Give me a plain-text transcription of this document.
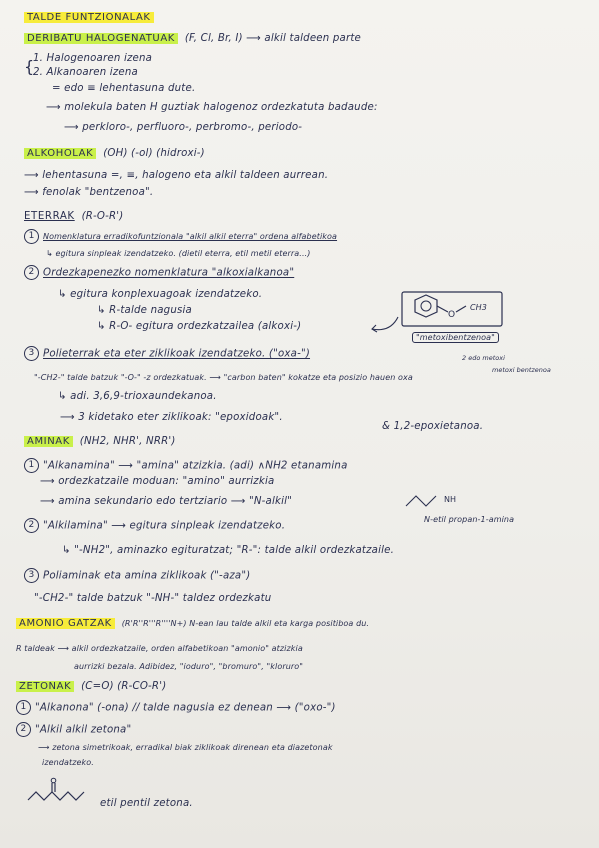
TALDE FUNTZIONALAK
DERIBATU HALOGENATUAK (F, Cl, Br, I) ⟶ alkil taldeen parte
{
1. Halogenoaren izena
2. Alkanoaren izena
= edo ≡ lehentasuna dute.
⟶ molekula baten H guztiak halogenoz ordezkatuta badaude:
⟶ perkloro-, perfluoro-, perbromo-, periodo-
ALKOHOLAK (OH) (-ol) (hidroxi-)
⟶ lehentasuna =, ≡, halogeno eta alkil taldeen aurrean.
⟶ fenolak "bentzenoa".
ETERRAK (R-O-R')
1 Nomenklatura erradikofuntzionala "alkil alkil eterra" ordena alfabetikoa
↳ egitura sinpleak izendatzeko. (dietil eterra, etil metil eterra...)
2 Ordezkapenezko nomenklatura "alkoxialkanoa"
↳ egitura konplexuagoak izendatzeko.
↳ R-talde nagusia
↳ R-O- egitura ordezkatzailea (alkoxi-)
O
CH3
"metoxibentzenoa"
2 edo metoxi
metoxi bentzenoa
3 Polieterrak eta eter ziklikoak izendatzeko. ("oxa-")
"-CH2-" talde batzuk "-O-" -z ordezkatuak. ⟶ "carbon baten" kokatze eta posizio hauen oxa
↳ adi. 3,6,9-trioxaundekanoa.
⟶ 3 kidetako eter ziklikoak: "epoxidoak".
& 1,2-epoxietanoa.
AMINAK (NH2, NHR', NRR')
1 "Alkanamina" ⟶ "amina" atzizkia. (adi) ∧NH2 etanamina
⟶ ordezkatzaile moduan: "amino" aurrizkia
⟶ amina sekundario edo tertziario ⟶ "N-alkil"	NH
N-etil propan-1-amina
2 "Alkilamina" ⟶ egitura sinpleak izendatzeko.
↳ "-NH2", aminazko egituratzat; "R-": talde alkil ordezkatzaile.
3 Poliaminak eta amina ziklikoak ("-aza")
"-CH2-" talde batzuk "-NH-" taldez ordezkatu
AMONIO GATZAK (R'R''R'''R''''N+) N-ean lau talde alkil eta karga positiboa du.
R taldeak ⟶ alkil ordezkatzaile, orden alfabetikoan "amonio" atzizkia
aurrizki bezala. Adibidez, "ioduro", "bromuro", "kloruro"
ZETONAK (C=O) (R-CO-R')
1 "Alkanona" (-ona) // talde nagusia ez denean ⟶ ("oxo-")
2 "Alkil alkil zetona"
⟶ zetona simetrikoak, erradikal biak ziklikoak direnean eta diazetonak
izendatzeko.
etil pentil zetona.
